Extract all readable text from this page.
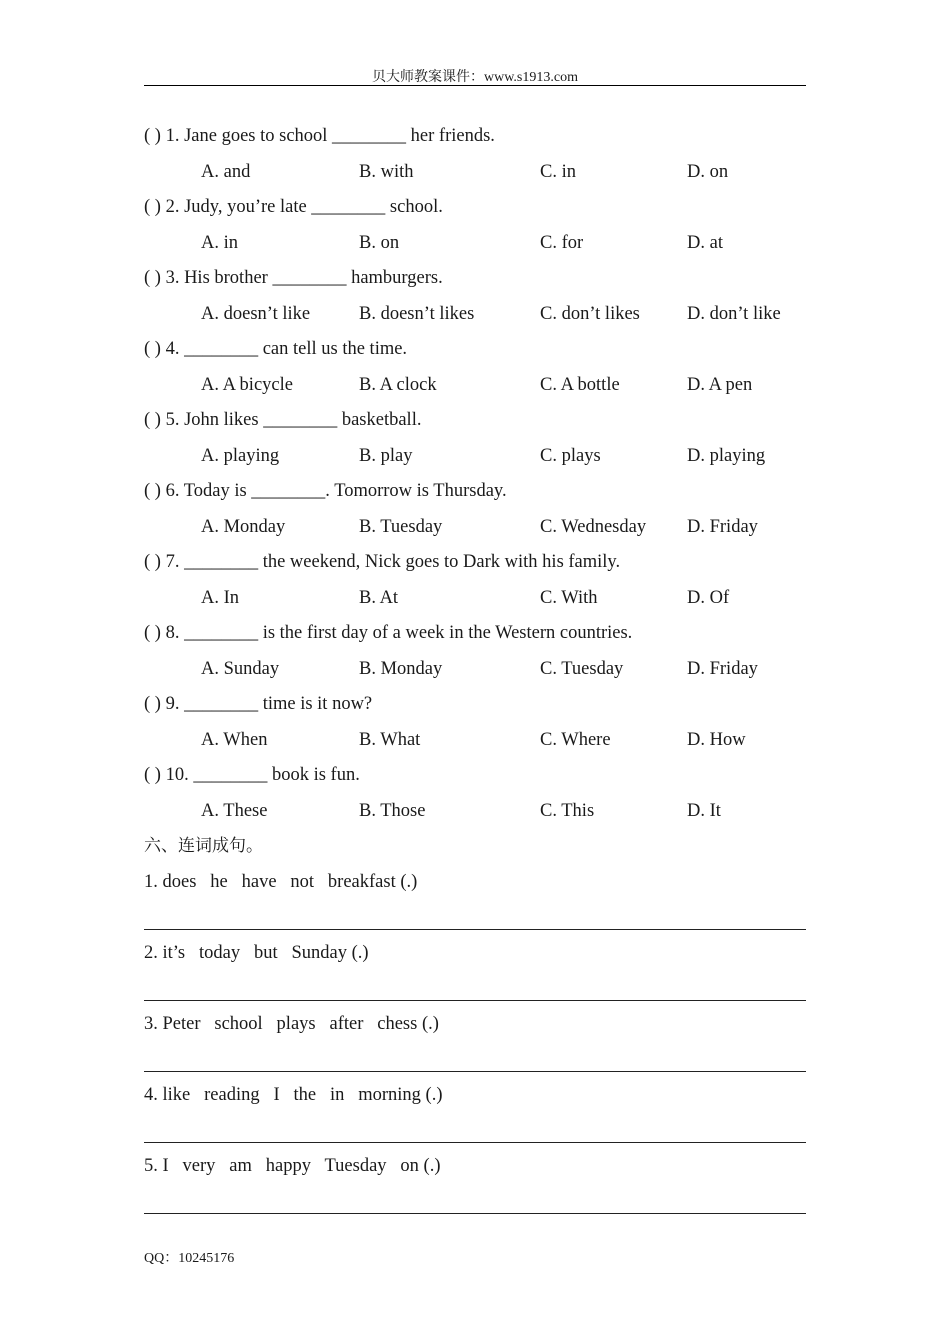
贝大师教案课件：www.s1913.com
( ) 1. Jane goes to school ________ her friends.
A. and	B. with	C. in	D. on
( ) 2. Judy, you’re late ________ school.
A. in	B. on	C. for	D. at
( ) 3. His brother ________ hamburgers.
A. doesn’t like	B. doesn’t likes	C. don’t likes	D. don’t like
( ) 4. ________ can tell us the time.
A. A bicycle	B. A clock	C. A bottle	D. A pen
( ) 5. John likes ________ basketball.
A. playing	B. play	C. plays	D. playing
( ) 6. Today is ________. Tomorrow is Thursday.
A. Monday	B. Tuesday	C. Wednesday D. Friday
( ) 7. ________ the weekend, Nick goes to Dark with his family.
A. In	B. At	C. With	D. Of
( ) 8. ________ is the first day of a week in the Western countries.
A. Sunday	B. Monday	C. Tuesday	D. Friday
( ) 9. ________ time is it now?
A. When	B. What	C. Where	D. How
( ) 10. ________ book is fun.
A. These	B. Those	C. This	D. It
六、连词成句。
1. does   he   have   not   breakfast (.)
2. it’s   today   but   Sunday (.)
3. Peter   school   plays   after   chess (.)
4. like   reading   I   the   in   morning (.)
5. I   very   am   happy   Tuesday   on (.)
QQ：10245176
